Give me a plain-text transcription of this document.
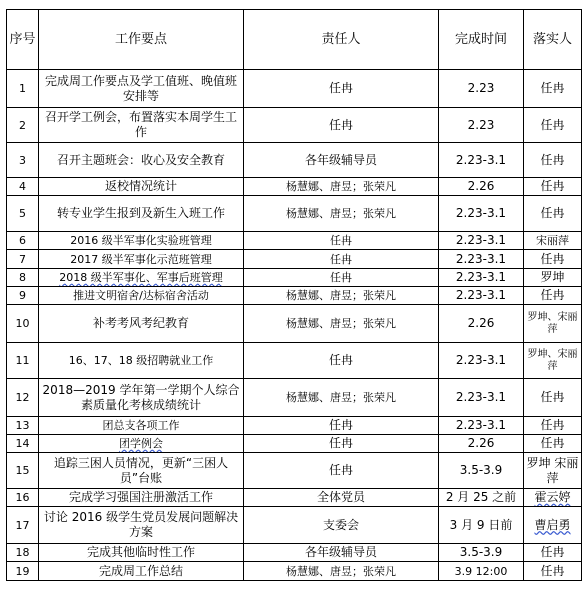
序号	工作要点	责任人	完成时间	落实人
1	完成周工作要点及学工值班、晚值班安排等	任冉	2.23	任冉
2	召开学工例会，布置落实本周学生工作	任冉	2.23	任冉
3	召开主题班会：收心及安全教育	各年级辅导员	2.23-3.1	任冉
4	返校情况统计	杨慧娜、唐昱；张荣凡	2.26	任冉
5	转专业学生报到及新生入班工作	杨慧娜、唐昱；张荣凡	2.23-3.1	任冉
6	2016 级半军事化实验班管理	任冉	2.23-3.1	宋丽萍
7	2017 级半军事化示范班管理	任冉	2.23-3.1	任冉
8	2018 级半军事化、军事后班管理	任冉	2.23-3.1	罗坤
9	推进文明宿舍/达标宿舍活动	杨慧娜、唐昱；张荣凡	2.23-3.1	任冉
10	补考考风考纪教育	杨慧娜、唐昱；张荣凡	2.26	罗坤、宋丽萍
11	16、17、18 级招聘就业工作	任冉	2.23-3.1	罗坤、宋丽萍
12	2018—2019 学年第一学期个人综合素质量化考核成绩统计	杨慧娜、唐昱；张荣凡	2.23-3.1	任冉
13	团总支各项工作	任冉	2.23-3.1	任冉
14	团学例会	任冉	2.26	任冉
15	追踪三困人员情况，更新“三困人员”台账	任冉	3.5-3.9	罗坤 宋丽萍
16	完成学习强国注册激活工作	全体党员	2 月 25 之前	霍云婷
17	讨论 2016 级学生党员发展问题解决方案	支委会	3 月 9 日前	曹启勇
18	完成其他临时性工作	各年级辅导员	3.5-3.9	任冉
19	完成周工作总结	杨慧娜、唐昱；张荣凡	3.9 12:00	任冉
